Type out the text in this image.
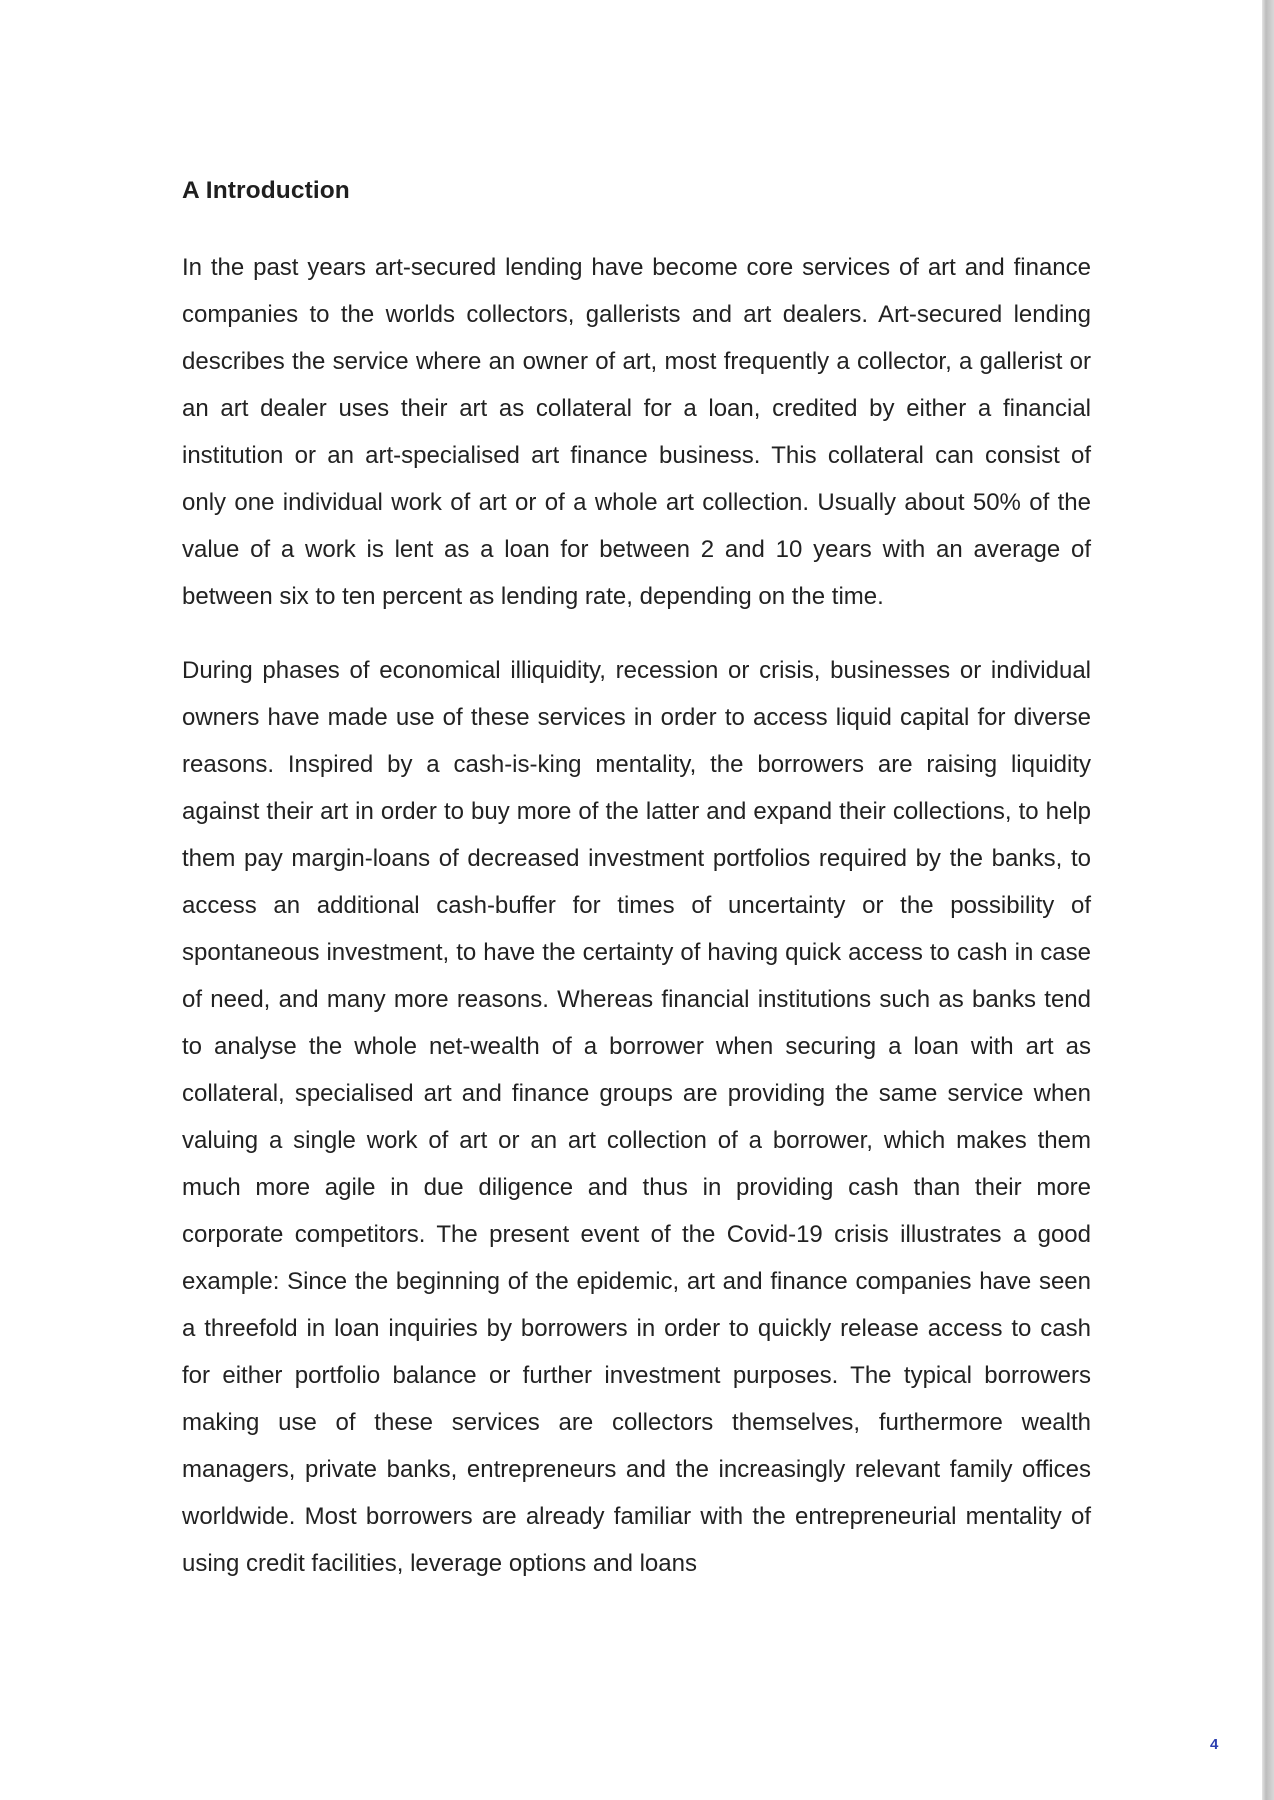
A Introduction

In the past years art-secured lending have become core services of art and finance companies to the worlds collectors, gallerists and art dealers. Art-secured lending describes the service where an owner of art, most frequently a collector, a gallerist or an art dealer uses their art as collateral for a loan, credited by either a financial institution or an art-specialised art finance business. This collateral can consist of only one individual work of art or of a whole art collection. Usually about 50% of the value of a work is lent as a loan for between 2 and 10 years with an average of between six to ten percent as lending rate, depending on the time.

During phases of economical illiquidity, recession or crisis, businesses or individual owners have made use of these services in order to access liquid capital for diverse reasons. Inspired by a cash-is-king mentality, the borrowers are raising liquidity against their art in order to buy more of the latter and expand their collections, to help them pay margin-loans of decreased investment portfolios required by the banks, to access an additional cash-buffer for times of uncertainty or the possibility of spontaneous investment, to have the certainty of having quick access to cash in case of need, and many more reasons. Whereas financial institutions such as banks tend to analyse the whole net-wealth of a borrower when securing a loan with art as collateral, specialised art and finance groups are providing the same service when valuing a single work of art or an art collection of a borrower, which makes them much more agile in due diligence and thus in providing cash than their more corporate competitors. The present event of the Covid-19 crisis illustrates a good example: Since the beginning of the epidemic, art and finance companies have seen a threefold in loan inquiries by borrowers in order to quickly release access to cash for either portfolio balance or further investment purposes. The typical borrowers making use of these services are collectors themselves, furthermore wealth managers, private banks, entrepreneurs and the increasingly relevant family offices worldwide. Most borrowers are already familiar with the entrepreneurial mentality of using credit facilities, leverage options and loans

4
